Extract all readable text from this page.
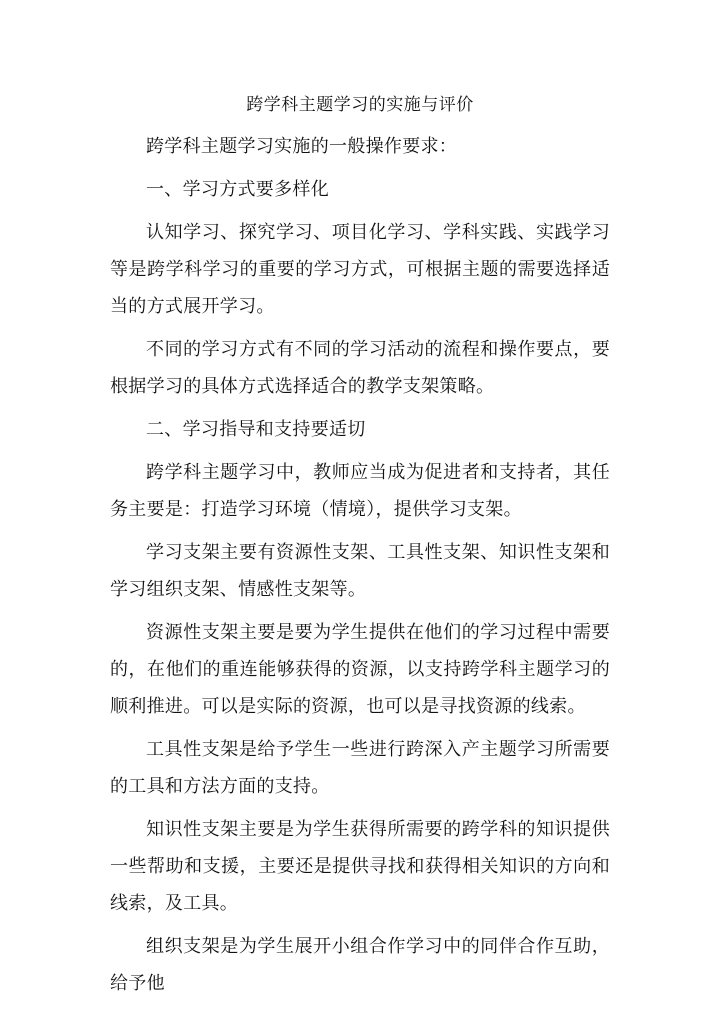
跨学科主题学习的实施与评价

跨学科主题学习实施的一般操作要求：

一、学习方式要多样化

认知学习、探究学习、项目化学习、学科实践、实践学习等是跨学科学习的重要的学习方式，可根据主题的需要选择适当的方式展开学习。

不同的学习方式有不同的学习活动的流程和操作要点，要根据学习的具体方式选择适合的教学支架策略。

二、学习指导和支持要适切

跨学科主题学习中，教师应当成为促进者和支持者，其任务主要是：打造学习环境（情境），提供学习支架。

学习支架主要有资源性支架、工具性支架、知识性支架和学习组织支架、情感性支架等。

资源性支架主要是要为学生提供在他们的学习过程中需要的，在他们的重连能够获得的资源，以支持跨学科主题学习的顺利推进。可以是实际的资源，也可以是寻找资源的线索。

工具性支架是给予学生一些进行跨深入产主题学习所需要的工具和方法方面的支持。

知识性支架主要是为学生获得所需要的跨学科的知识提供一些帮助和支援，主要还是提供寻找和获得相关知识的方向和线索，及工具。

组织支架是为学生展开小组合作学习中的同伴合作互助，给予他
